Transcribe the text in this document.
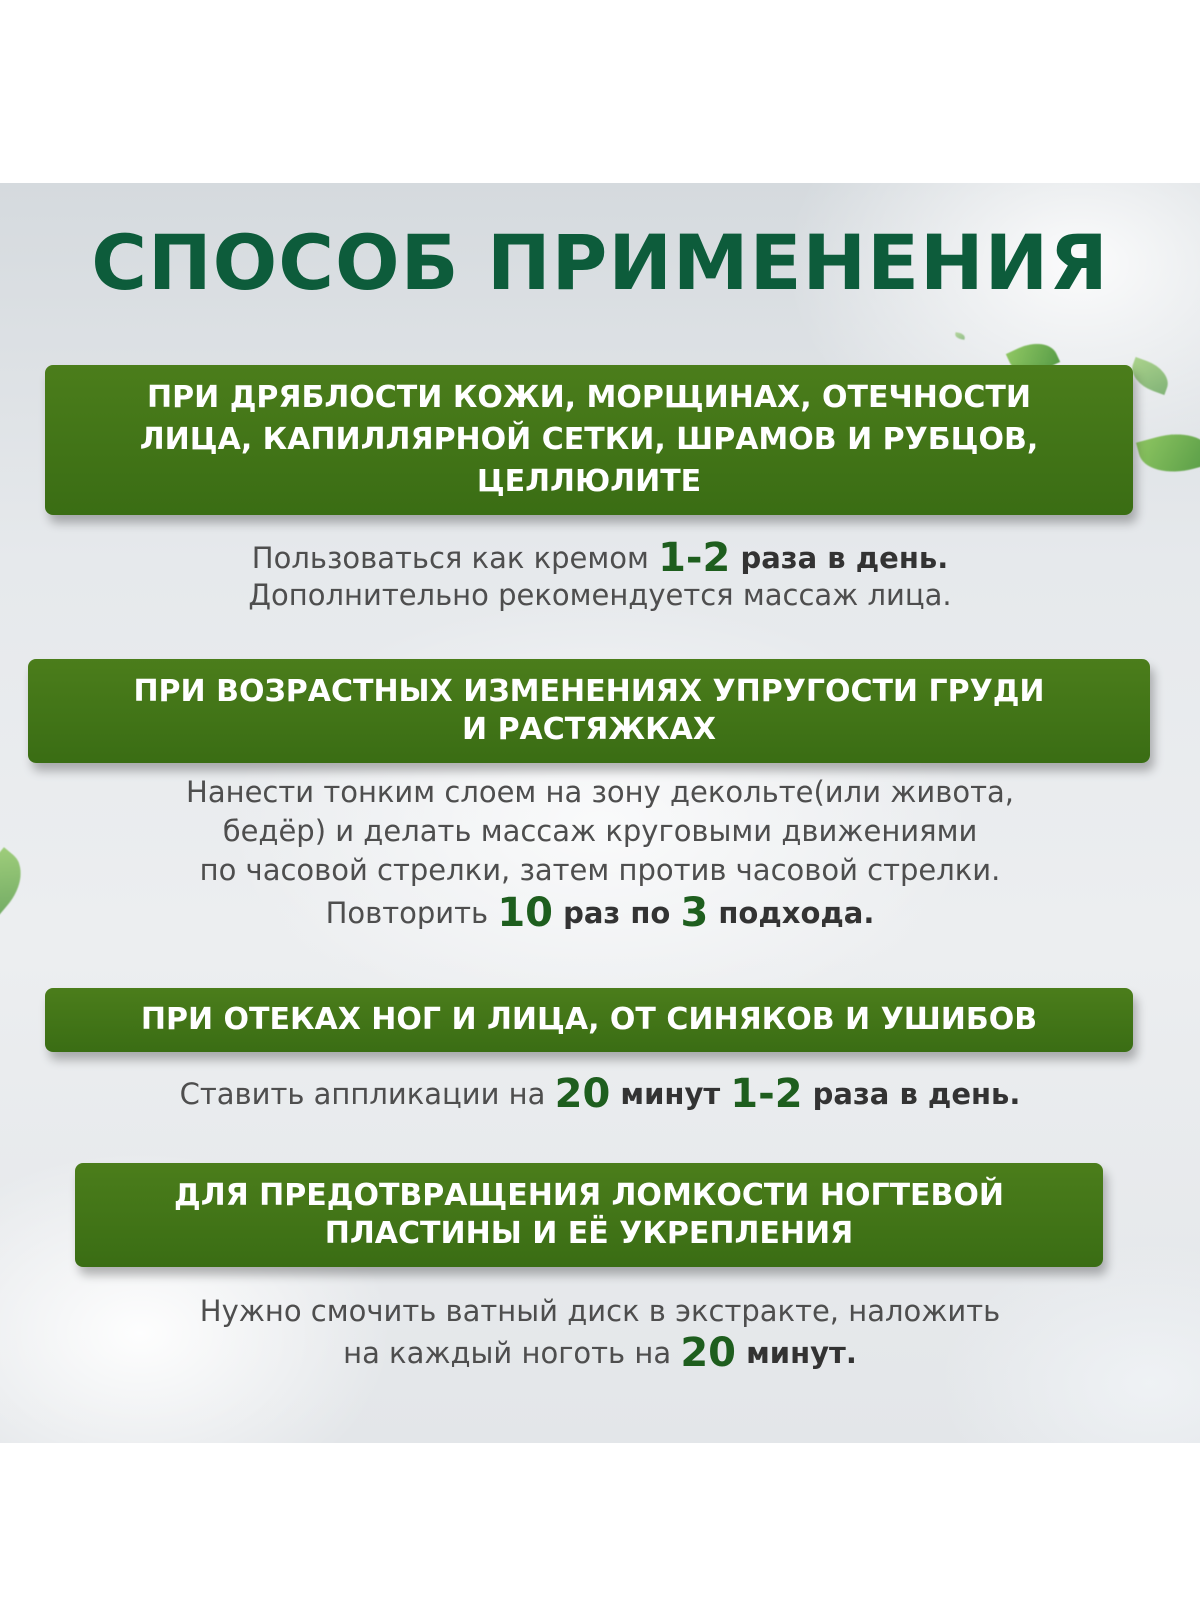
СПОСОБ ПРИМЕНЕНИЯ
ПРИ ДРЯБЛОСТИ КОЖИ, МОРЩИНАХ, ОТЕЧНОСТИ
ЛИЦА, КАПИЛЛЯРНОЙ СЕТКИ, ШРАМОВ И РУБЦОВ,
ЦЕЛЛЮЛИТЕ
Пользоваться как кремом 1-2 раза в день.
Дополнительно рекомендуется массаж лица.
ПРИ ВОЗРАСТНЫХ ИЗМЕНЕНИЯХ УПРУГОСТИ ГРУДИ
И РАСТЯЖКАХ
Нанести тонким слоем на зону декольте(или живота,
бедёр) и делать массаж круговыми движениями
по часовой стрелки, затем против часовой стрелки.
Повторить 10 раз по 3 подхода.
ПРИ ОТЕКАХ НОГ И ЛИЦА, ОТ СИНЯКОВ И УШИБОВ
Ставить аппликации на 20 минут 1-2 раза в день.
ДЛЯ ПРЕДОТВРАЩЕНИЯ ЛОМКОСТИ НОГТЕВОЙ
ПЛАСТИНЫ И ЕЁ УКРЕПЛЕНИЯ
Нужно смочить ватный диск в экстракте, наложить
на каждый ноготь на 20 минут.
